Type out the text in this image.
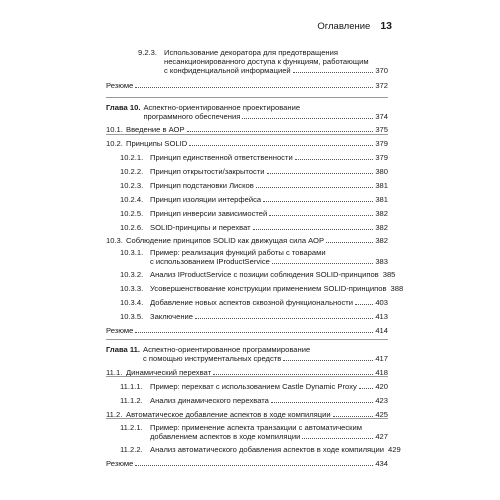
Оглавление 13
9.2.3. Использование декоратора для предотвращения
несанкционированного доступа к функциям, работающим
с конфиденциальной информацией	370
Резюме	372
Глава 10. Аспектно-ориентированное проектирование
программного обеспечения	374
10.1. Введение в АОР	375
10.2. Принципы SOLID	379
10.2.1. Принцип единственной ответственности	379
10.2.2. Принцип открытости/закрытости	380
10.2.3. Принцип подстановки Лисков	381
10.2.4. Принцип изоляции интерфейса	381
10.2.5. Принцип инверсии зависимостей	382
10.2.6. SOLID-принципы и перехват	382
10.3. Соблюдение принципов SOLID как движущая сила АОР	382
10.3.1. Пример: реализация функций работы с товарами
с использованием IProductService	383
10.3.2. Анализ IProductService с позиции соблюдения SOLID-принципов 385
10.3.3. Усовершенствование конструкции применением SOLID-принципов 388
10.3.4. Добавление новых аспектов сквозной функциональности	403
10.3.5. Заключение	413
Резюме	414
Глава 11. Аспектно-ориентированное программирование
с помощью инструментальных средств	417
11.1. Динамический перехват	418
11.1.1. Пример: перехват с использованием Castle Dynamic Proxy 420
11.1.2. Анализ динамического перехвата	423
11.2. Автоматическое добавление аспектов в ходе компиляции	425
11.2.1. Пример: применение аспекта транзакции с автоматическим
добавлением аспектов в ходе компиляции	427
11.2.2. Анализ автоматического добавления аспектов в ходе компиляции 429
Резюме	434
